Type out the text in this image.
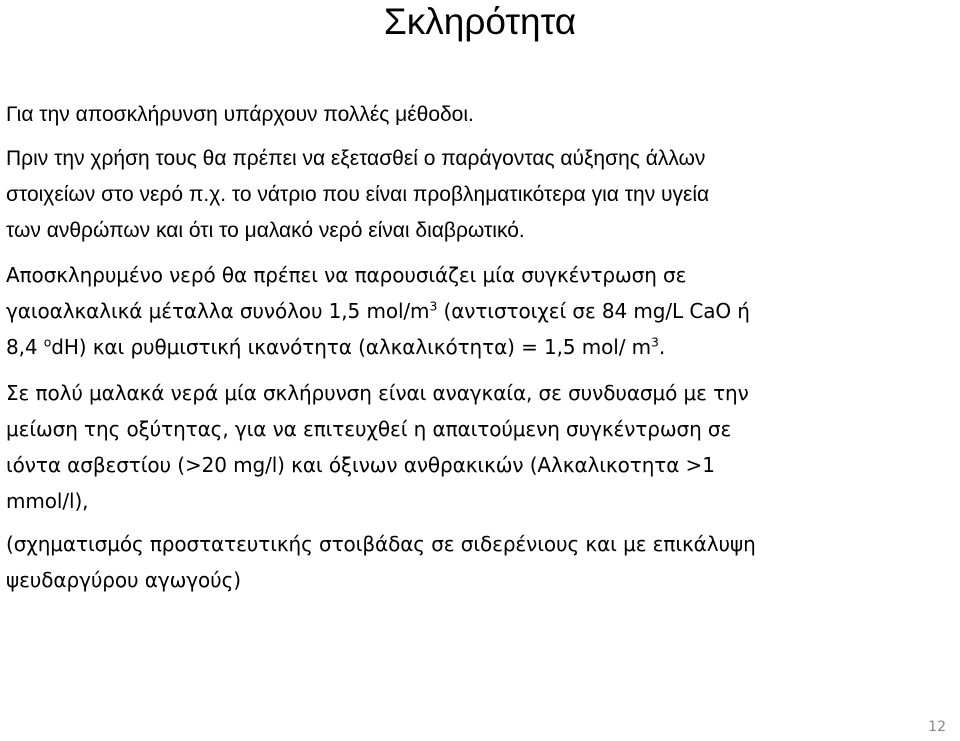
Σκληρότητα

Για την αποσκλήρυνση υπάρχουν πολλές μέθοδοι.

Πριν την χρήση τους θα πρέπει να εξετασθεί ο παράγοντας αύξησης άλλων
στοιχείων στο νερό π.χ. το νάτριο που είναι προβληματικότερα για την υγεία
των ανθρώπων και ότι το μαλακό νερό είναι διαβρωτικό.

Αποσκληρυμένο νερό θα πρέπει να παρουσιάζει μία συγκέντρωση σε
γαιοαλκαλικά μέταλλα συνόλου 1,5 mol/$m^3$ (αντιστοιχεί σε 84 mg/L CaO ή
8,4 $^o$dH) και ρυθμιστική ικανότητα (αλκαλικότητα) = 1,5 mol/ $m^3$.

Σε πολύ μαλακά νερά μία σκλήρυνση είναι αναγκαία, σε συνδυασμό με την
μείωση της οξύτητας, για να επιτευχθεί η απαιτούμενη συγκέντρωση σε
ιόντα ασβεστίου (>20 mg/l) και όξινων ανθρακικών (Αλκαλικοτητα >1
mmol/l),

(σχηματισμός προστατευτικής στοιβάδας σε σιδερένιους και με επικάλυψη
ψευδαργύρου αγωγούς)

12
